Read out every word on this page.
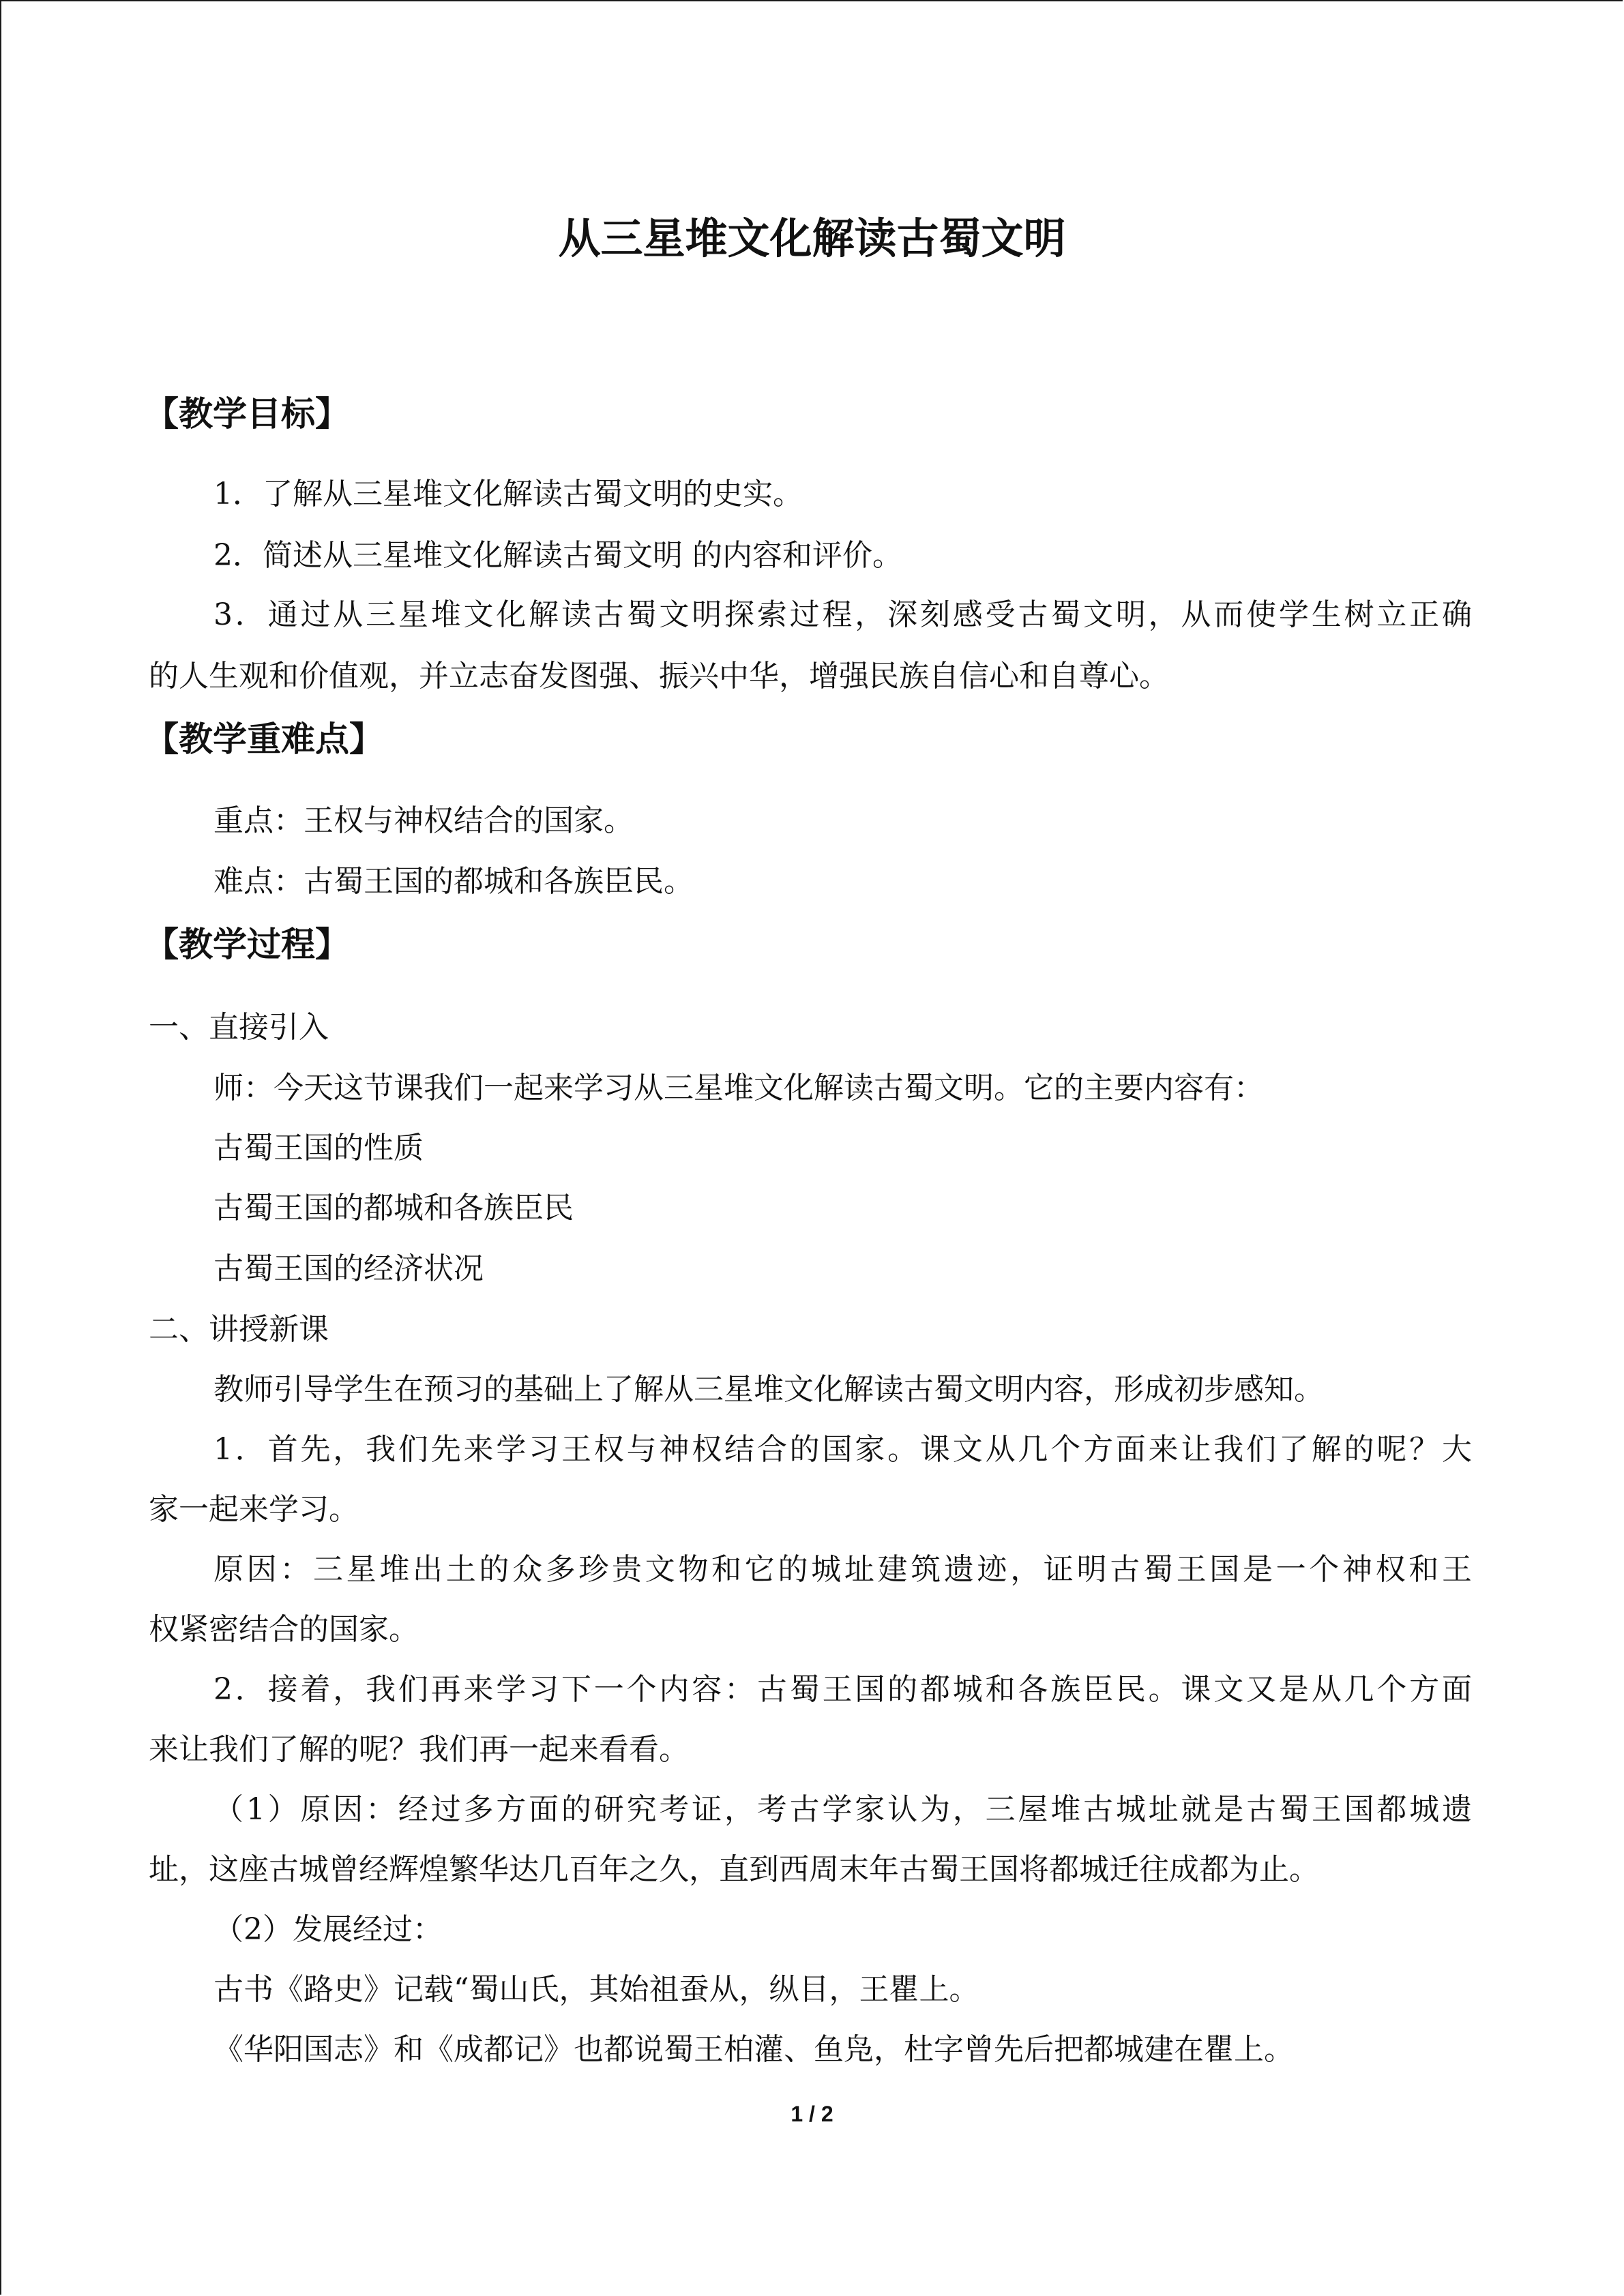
从三星堆文化解读古蜀文明
【教学目标】

1．了解从三星堆文化解读古蜀文明的史实。

2．简述从三星堆文化解读古蜀文明 的内容和评价。

3．通过从三星堆文化解读古蜀文明探索过程，深刻感受古蜀文明，从而使学生树立正确

的人生观和价值观，并立志奋发图强、振兴中华，增强民族自信心和自尊心。

【教学重难点】

重点：王权与神权结合的国家。

难点：古蜀王国的都城和各族臣民。

【教学过程】

一、直接引入

师：今天这节课我们一起来学习从三星堆文化解读古蜀文明。它的主要内容有：

古蜀王国的性质

古蜀王国的都城和各族臣民

古蜀王国的经济状况

二、讲授新课

教师引导学生在预习的基础上了解从三星堆文化解读古蜀文明内容，形成初步感知。

1．首先，我们先来学习王权与神权结合的国家。课文从几个方面来让我们了解的呢？大

家一起来学习。

原因：三星堆出土的众多珍贵文物和它的城址建筑遗迹，证明古蜀王国是一个神权和王

权紧密结合的国家。

2．接着，我们再来学习下一个内容：古蜀王国的都城和各族臣民。课文又是从几个方面

来让我们了解的呢？我们再一起来看看。

（1）原因：经过多方面的研究考证，考古学家认为，三屋堆古城址就是古蜀王国都城遗

址，这座古城曾经辉煌繁华达几百年之久，直到西周末年古蜀王国将都城迁往成都为止。

（2）发展经过：

古书《路史》记载“蜀山氏，其始祖蚕从，纵目，王瞿上。

《华阳国志》和《成都记》也都说蜀王柏灌、鱼凫，杜字曾先后把都城建在瞿上。

1 / 2
